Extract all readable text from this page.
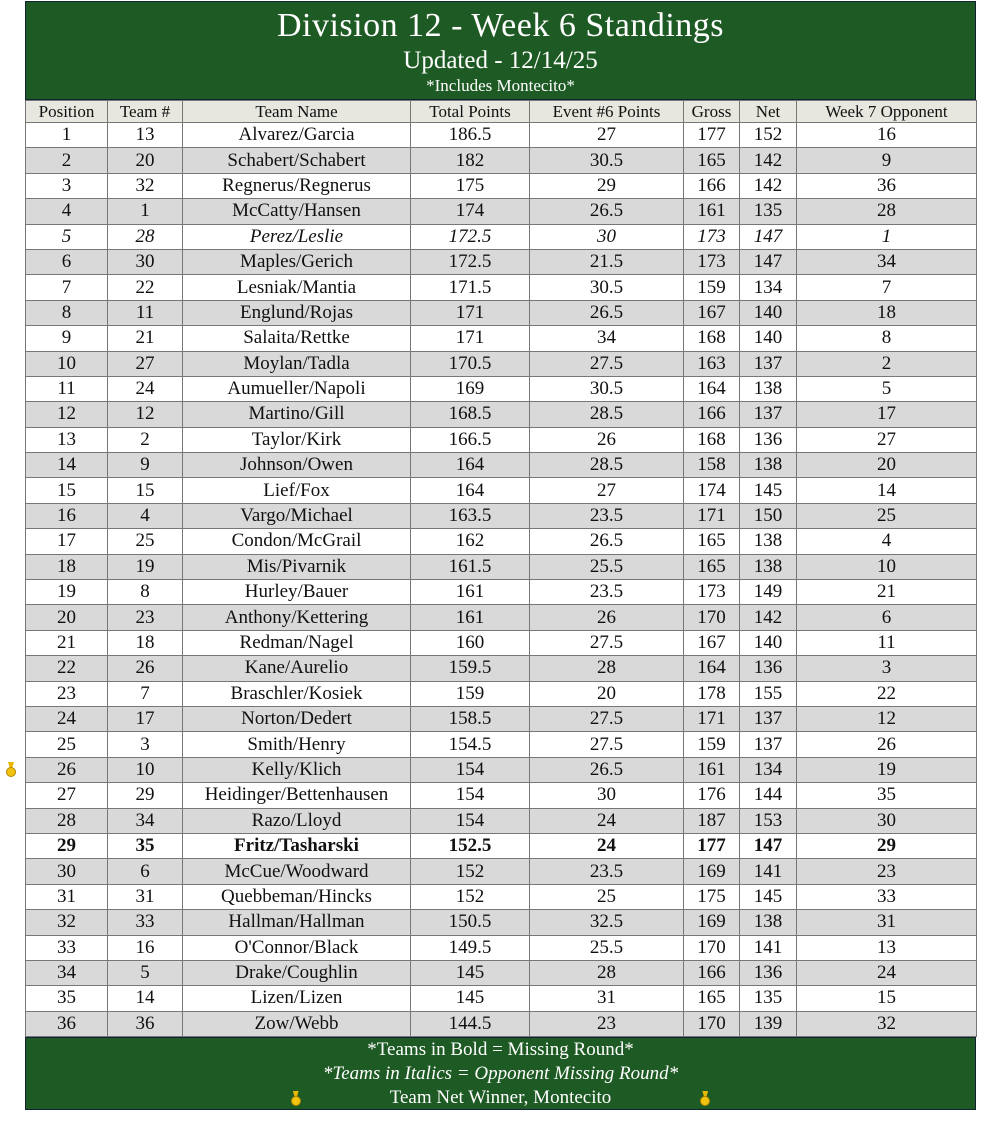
Division 12 - Week 6 Standings
Updated - 12/14/25
*Includes Montecito*
Position	Team #	Team Name	Total Points	Event #6 Points	Gross	Net	Week 7 Opponent
1	13	Alvarez/Garcia	186.5	27	177	152	16
2	20	Schabert/Schabert	182	30.5	165	142	9
3	32	Regnerus/Regnerus	175	29	166	142	36
4	1	McCatty/Hansen	174	26.5	161	135	28
5	28	Perez/Leslie	172.5	30	173	147	1
6	30	Maples/Gerich	172.5	21.5	173	147	34
7	22	Lesniak/Mantia	171.5	30.5	159	134	7
8	11	Englund/Rojas	171	26.5	167	140	18
9	21	Salaita/Rettke	171	34	168	140	8
10	27	Moylan/Tadla	170.5	27.5	163	137	2
11	24	Aumueller/Napoli	169	30.5	164	138	5
12	12	Martino/Gill	168.5	28.5	166	137	17
13	2	Taylor/Kirk	166.5	26	168	136	27
14	9	Johnson/Owen	164	28.5	158	138	20
15	15	Lief/Fox	164	27	174	145	14
16	4	Vargo/Michael	163.5	23.5	171	150	25
17	25	Condon/McGrail	162	26.5	165	138	4
18	19	Mis/Pivarnik	161.5	25.5	165	138	10
19	8	Hurley/Bauer	161	23.5	173	149	21
20	23	Anthony/Kettering	161	26	170	142	6
21	18	Redman/Nagel	160	27.5	167	140	11
22	26	Kane/Aurelio	159.5	28	164	136	3
23	7	Braschler/Kosiek	159	20	178	155	22
24	17	Norton/Dedert	158.5	27.5	171	137	12
25	3	Smith/Henry	154.5	27.5	159	137	26
26	10	Kelly/Klich	154	26.5	161	134	19
27	29	Heidinger/Bettenhausen	154	30	176	144	35
28	34	Razo/Lloyd	154	24	187	153	30
29	35	Fritz/Tasharski	152.5	24	177	147	29
30	6	McCue/Woodward	152	23.5	169	141	23
31	31	Quebbeman/Hincks	152	25	175	145	33
32	33	Hallman/Hallman	150.5	32.5	169	138	31
33	16	O'Connor/Black	149.5	25.5	170	141	13
34	5	Drake/Coughlin	145	28	166	136	24
35	14	Lizen/Lizen	145	31	165	135	15
36	36	Zow/Webb	144.5	23	170	139	32
*Teams in Bold = Missing Round*
*Teams in Italics = Opponent Missing Round*
Team Net Winner, Montecito
